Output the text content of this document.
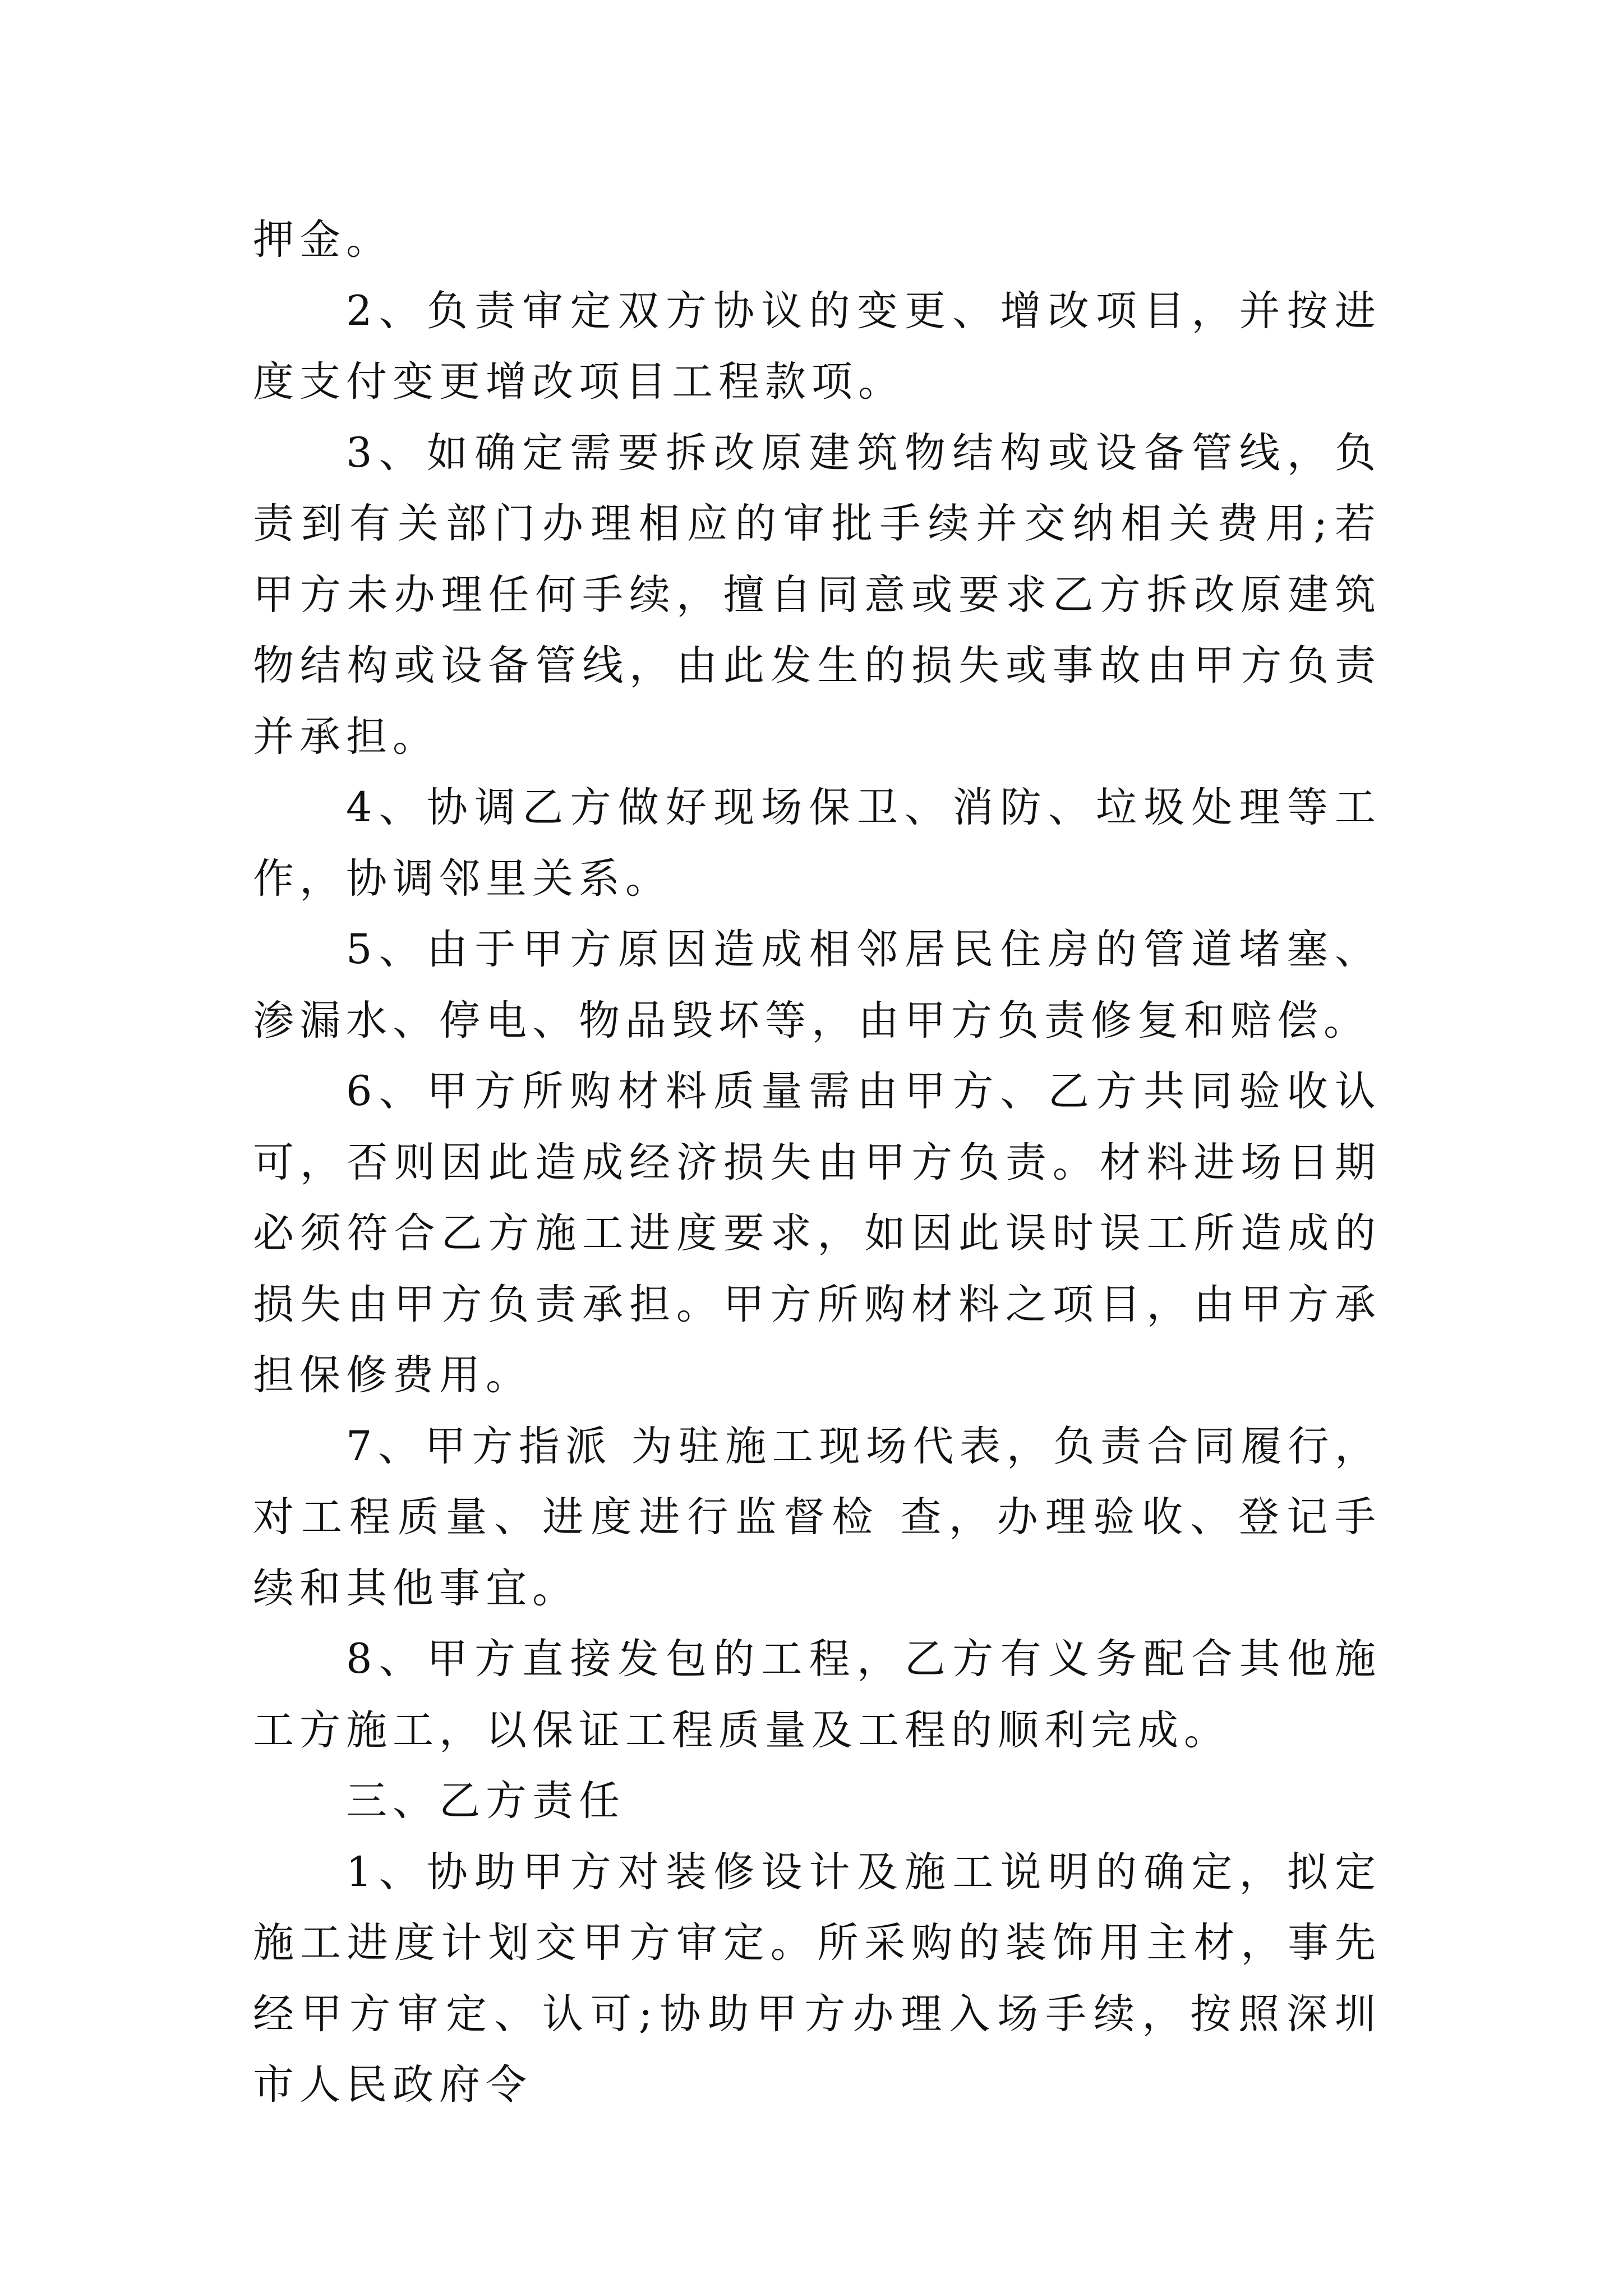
押金。

2、负责审定双方协议的变更、增改项目，并按进度支付变更增改项目工程款项。

3、如确定需要拆改原建筑物结构或设备管线，负责到有关部门办理相应的审批手续并交纳相关费用;若甲方未办理任何手续，擅自同意或要求乙方拆改原建筑物结构或设备管线，由此发生的损失或事故由甲方负责并承担。

4、协调乙方做好现场保卫、消防、垃圾处理等工作，协调邻里关系。

5、由于甲方原因造成相邻居民住房的管道堵塞、渗漏水、停电、物品毁坏等，由甲方负责修复和赔偿。

6、甲方所购材料质量需由甲方、乙方共同验收认可，否则因此造成经济损失由甲方负责。材料进场日期必须符合乙方施工进度要求，如因此误时误工所造成的损失由甲方负责承担。甲方所购材料之项目，由甲方承担保修费用。

7、甲方指派 为驻施工现场代表，负责合同履行，对工程质量、进度进行监督检 查，办理验收、登记手续和其他事宜。

8、甲方直接发包的工程，乙方有义务配合其他施工方施工，以保证工程质量及工程的顺利完成。

三、乙方责任

1、协助甲方对装修设计及施工说明的确定，拟定施工进度计划交甲方审定。所采购的装饰用主材，事先经甲方审定、认可;协助甲方办理入场手续，按照深圳市人民政府令
